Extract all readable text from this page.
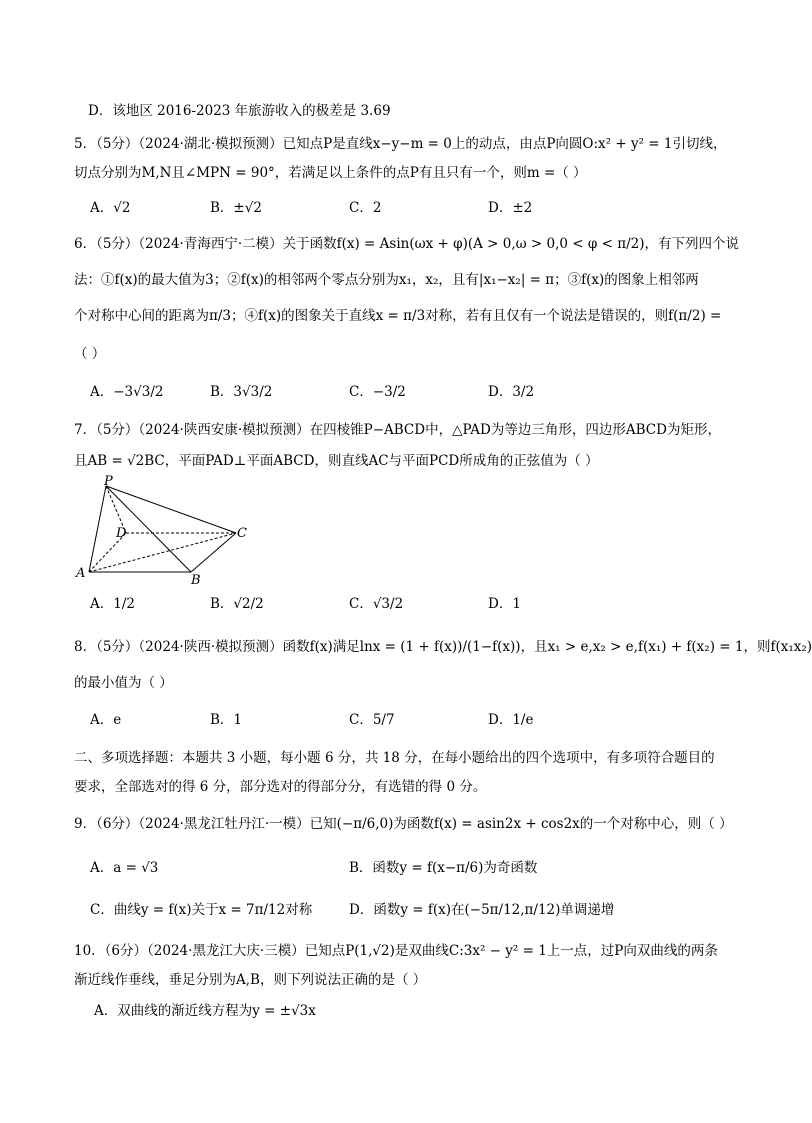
D．该地区 2016-2023 年旅游收入的极差是 3.69
5．（5分）（2024·湖北·模拟预测）已知点P是直线x−y−m = 0上的动点，由点P向圆O:x² + y² = 1引切线，
切点分别为M,N且∠MPN = 90°，若满足以上条件的点P有且只有一个，则m =（ ）
A．√2	B．±√2	C．2	D．±2
6．（5分）（2024·青海西宁·二模）关于函数f(x) = Asin(ωx + φ)(A > 0,ω > 0,0 < φ < π/2)，有下列四个说
法：①f(x)的最大值为3；②f(x)的相邻两个零点分别为x₁，x₂，且有|x₁−x₂| = π；③f(x)的图象上相邻两
个对称中心间的距离为π/3；④f(x)的图象关于直线x = π/3对称，若有且仅有一个说法是错误的，则f(π/2) =
（ ）
A．−3√3/2	B．3√3/2	C．−3/2	D．3/2
7．（5分）（2024·陕西安康·模拟预测）在四棱锥P−ABCD中，△PAD为等边三角形，四边形ABCD为矩形，
且AB = √2BC，平面PAD⊥平面ABCD，则直线AC与平面PCD所成角的正弦值为（ ）
P
D	C
A	B
A．1/2	B．√2/2	C．√3/2	D．1
8．（5分）（2024·陕西·模拟预测）函数f(x)满足lnx = (1 + f(x))/(1−f(x))，且x₁ > e,x₂ > e,f(x₁) + f(x₂) = 1，则f(x₁x₂)
的最小值为（ ）
A．e	B．1	C．5/7	D．1/e
二、多项选择题：本题共 3 小题，每小题 6 分，共 18 分，在每小题给出的四个选项中，有多项符合题目的
要求，全部选对的得 6 分，部分选对的得部分分，有选错的得 0 分。
9．（6分）（2024·黑龙江牡丹江·一模）已知(−π/6,0)为函数f(x) = asin2x + cos2x的一个对称中心，则（ ）
A．a = √3	B．函数y = f(x−π/6)为奇函数
C．曲线y = f(x)关于x = 7π/12对称	D．函数y = f(x)在(−5π/12,π/12)单调递增
10．（6分）（2024·黑龙江大庆·三模）已知点P(1,√2)是双曲线C:3x² − y² = 1上一点，过P向双曲线的两条
渐近线作垂线，垂足分别为A,B，则下列说法正确的是（ ）
A．双曲线的渐近线方程为y = ±√3x
